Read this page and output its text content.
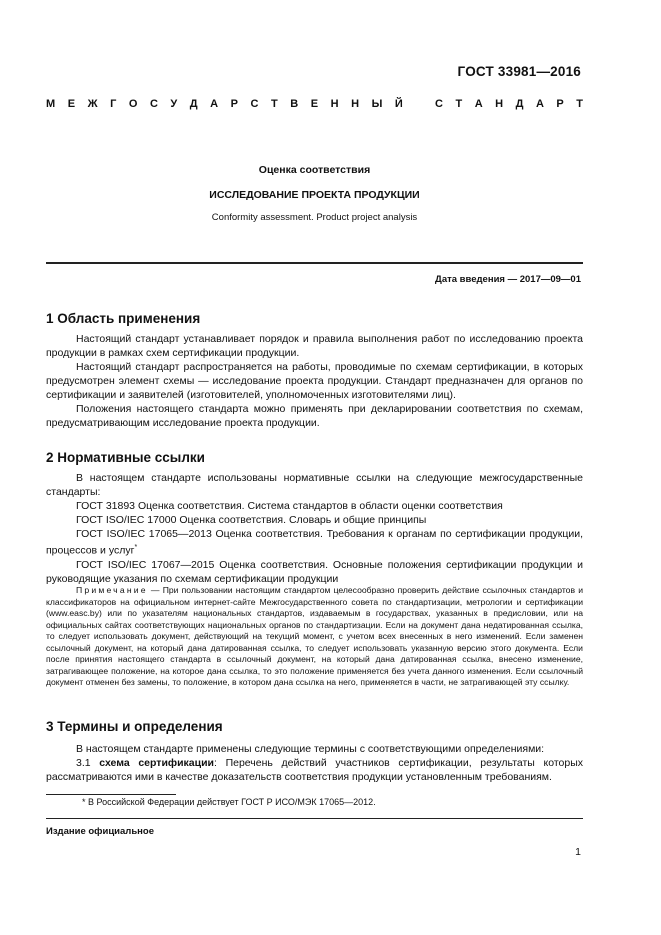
ГОСТ 33981—2016
М Е Ж Г О С У Д А Р С Т В Е Н Н Ы Й	С Т А Н Д А Р Т
Оценка соответствия
ИССЛЕДОВАНИЕ ПРОЕКТА ПРОДУКЦИИ
Conformity assessment. Product project analysis
Дата введения — 2017—09—01
1 Область применения

Настоящий стандарт устанавливает порядок и правила выполнения работ по исследованию проекта продукции в рамках схем сертификации продукции.

Настоящий стандарт распространяется на работы, проводимые по схемам сертификации, в которых предусмотрен элемент схемы — исследование проекта продукции. Стандарт предназначен для органов по сертификации и заявителей (изготовителей, уполномоченных изготовителями лиц).

Положения настоящего стандарта можно применять при декларировании соответствия по схемам, предусматривающим исследование проекта продукции.

2 Нормативные ссылки

В настоящем стандарте использованы нормативные ссылки на следующие межгосударственные стандарты:

ГОСТ 31893 Оценка соответствия. Система стандартов в области оценки соответствия

ГОСТ ISO/IEC 17000 Оценка соответствия. Словарь и общие принципы

ГОСТ ISO/IEC 17065—2013 Оценка соответствия. Требования к органам по сертификации продукции, процессов и услуг*

ГОСТ ISO/IEC 17067—2015 Оценка соответствия. Основные положения сертификации продукции и руководящие указания по схемам сертификации продукции

Примечание — При пользовании настоящим стандартом целесообразно проверить действие ссылочных стандартов и классификаторов на официальном интернет-сайте Межгосударственного совета по стандартизации, метрологии и сертификации (www.easc.by) или по указателям национальных стандартов, издаваемым в государствах, указанных в предисловии, или на официальных сайтах соответствующих национальных органов по стандартизации. Если на документ дана недатированная ссылка, то следует использовать документ, действующий на текущий момент, с учетом всех внесенных в него изменений. Если заменен ссылочный документ, на который дана датированная ссылка, то следует использовать указанную версию этого документа. Если после принятия настоящего стандарта в ссылочный документ, на который дана датированная ссылка, внесено изменение, затрагивающее положение, на которое дана ссылка, то это положение применяется без учета данного изменения. Если ссылочный документ отменен без замены, то положение, в котором дана ссылка на него, применяется в части, не затрагивающей эту ссылку.

3 Термины и определения

В настоящем стандарте применены следующие термины с соответствующими определениями:

3.1 схема сертификации: Перечень действий участников сертификации, результаты которых рассматриваются ими в качестве доказательств соответствия продукции установленным требованиям.

* В Российской Федерации действует ГОСТ Р ИСО/МЭК 17065—2012.
Издание официальное
1
